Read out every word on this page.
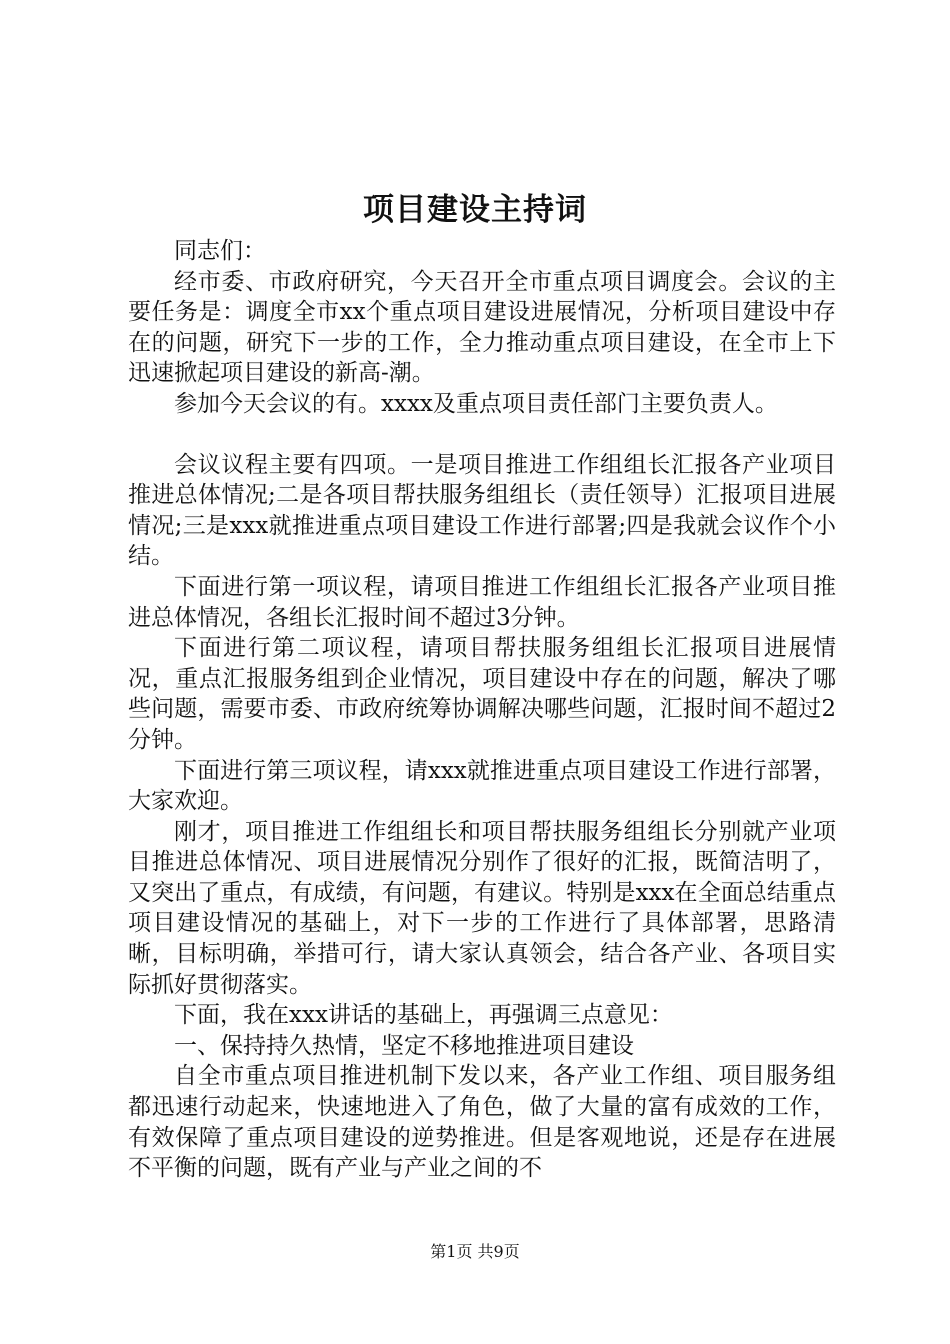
项目建设主持词

同志们：

经市委、市政府研究，今天召开全市重点项目调度会。会议的主要任务是：调度全市xx个重点项目建设进展情况，分析项目建设中存在的问题，研究下一步的工作，全力推动重点项目建设，在全市上下迅速掀起项目建设的新高-潮。

参加今天会议的有。xxxx及重点项目责任部门主要负责人。

会议议程主要有四项。一是项目推进工作组组长汇报各产业项目推进总体情况;二是各项目帮扶服务组组长（责任领导）汇报项目进展情况;三是xxx就推进重点项目建设工作进行部署;四是我就会议作个小结。

下面进行第一项议程，请项目推进工作组组长汇报各产业项目推进总体情况，各组长汇报时间不超过3分钟。

下面进行第二项议程，请项目帮扶服务组组长汇报项目进展情况，重点汇报服务组到企业情况，项目建设中存在的问题，解决了哪些问题，需要市委、市政府统筹协调解决哪些问题，汇报时间不超过2分钟。

下面进行第三项议程，请xxx就推进重点项目建设工作进行部署，大家欢迎。

刚才，项目推进工作组组长和项目帮扶服务组组长分别就产业项目推进总体情况、项目进展情况分别作了很好的汇报，既简洁明了，又突出了重点，有成绩，有问题，有建议。特别是xxx在全面总结重点项目建设情况的基础上，对下一步的工作进行了具体部署，思路清晰，目标明确，举措可行，请大家认真领会，结合各产业、各项目实际抓好贯彻落实。

下面，我在xxx讲话的基础上，再强调三点意见：

一、保持持久热情，坚定不移地推进项目建设

自全市重点项目推进机制下发以来，各产业工作组、项目服务组都迅速行动起来，快速地进入了角色，做了大量的富有成效的工作，有效保障了重点项目建设的逆势推进。但是客观地说，还是存在进展不平衡的问题，既有产业与产业之间的不

第1页 共9页
